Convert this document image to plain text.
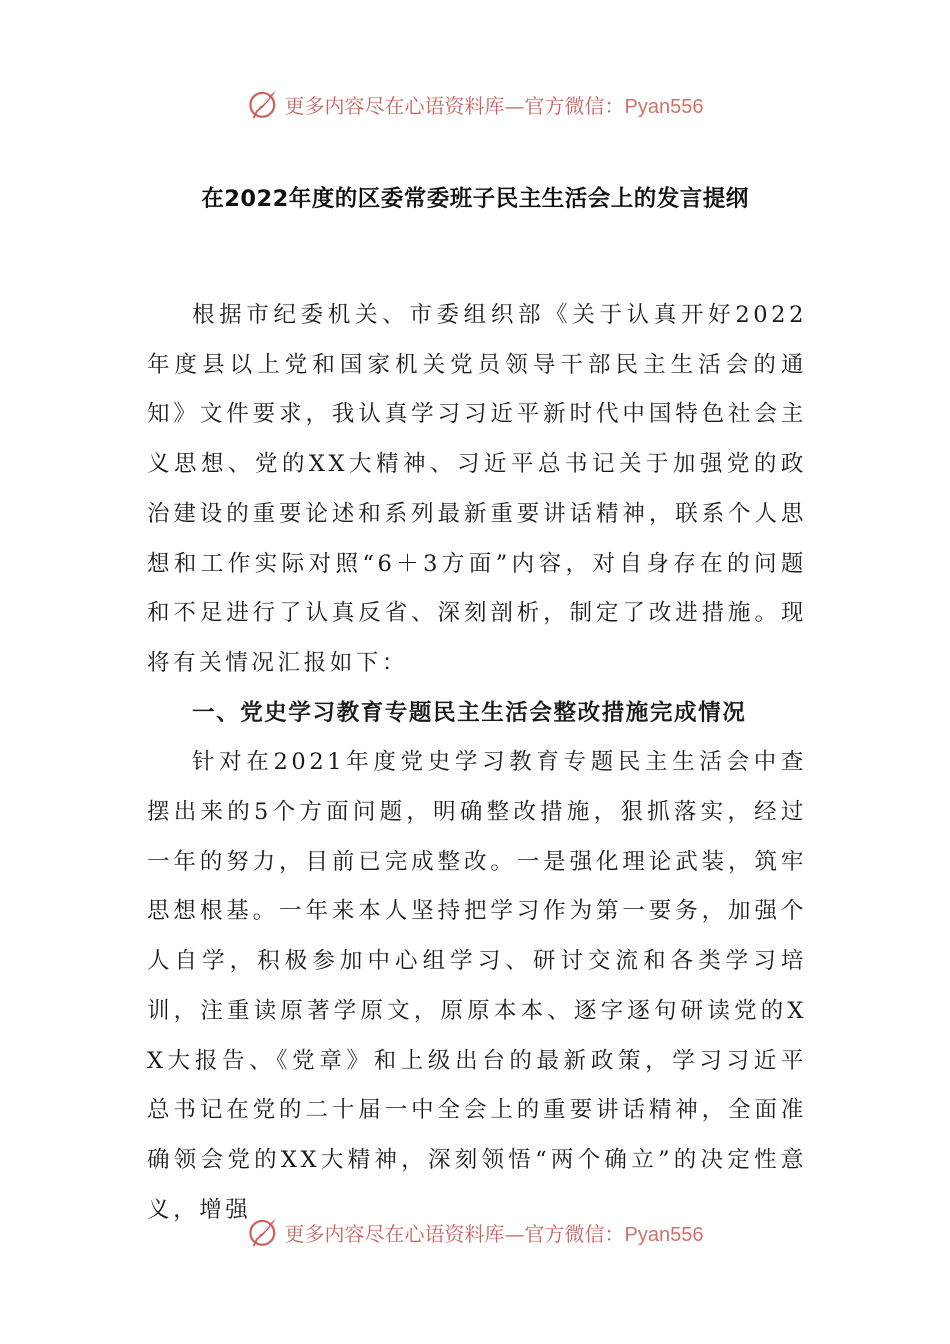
更多内容尽在心语资料库—官方微信：Pyan556
在2022年度的区委常委班子民主生活会上的发言提纲

根据市纪委机关、市委组织部《关于认真开好2022年度县以上党和国家机关党员领导干部民主生活会的通知》文件要求，我认真学习习近平新时代中国特色社会主义思想、党的XX大精神、习近平总书记关于加强党的政治建设的重要论述和系列最新重要讲话精神，联系个人思想和工作实际对照“6＋3方面”内容，对自身存在的问题和不足进行了认真反省、深刻剖析，制定了改进措施。现将有关情况汇报如下：

一、党史学习教育专题民主生活会整改措施完成情况

针对在2021年度党史学习教育专题民主生活会中查摆出来的5个方面问题，明确整改措施，狠抓落实，经过一年的努力，目前已完成整改。一是强化理论武装，筑牢思想根基。一年来本人坚持把学习作为第一要务，加强个人自学，积极参加中心组学习、研讨交流和各类学习培训，注重读原著学原文，原原本本、逐字逐句研读党的XX大报告、《党章》和上级出台的最新政策，学习习近平总书记在党的二十届一中全会上的重要讲话精神，全面准确领会党的XX大精神，深刻领悟“两个确立”的决定性意义，增强

更多内容尽在心语资料库—官方微信：Pyan556
